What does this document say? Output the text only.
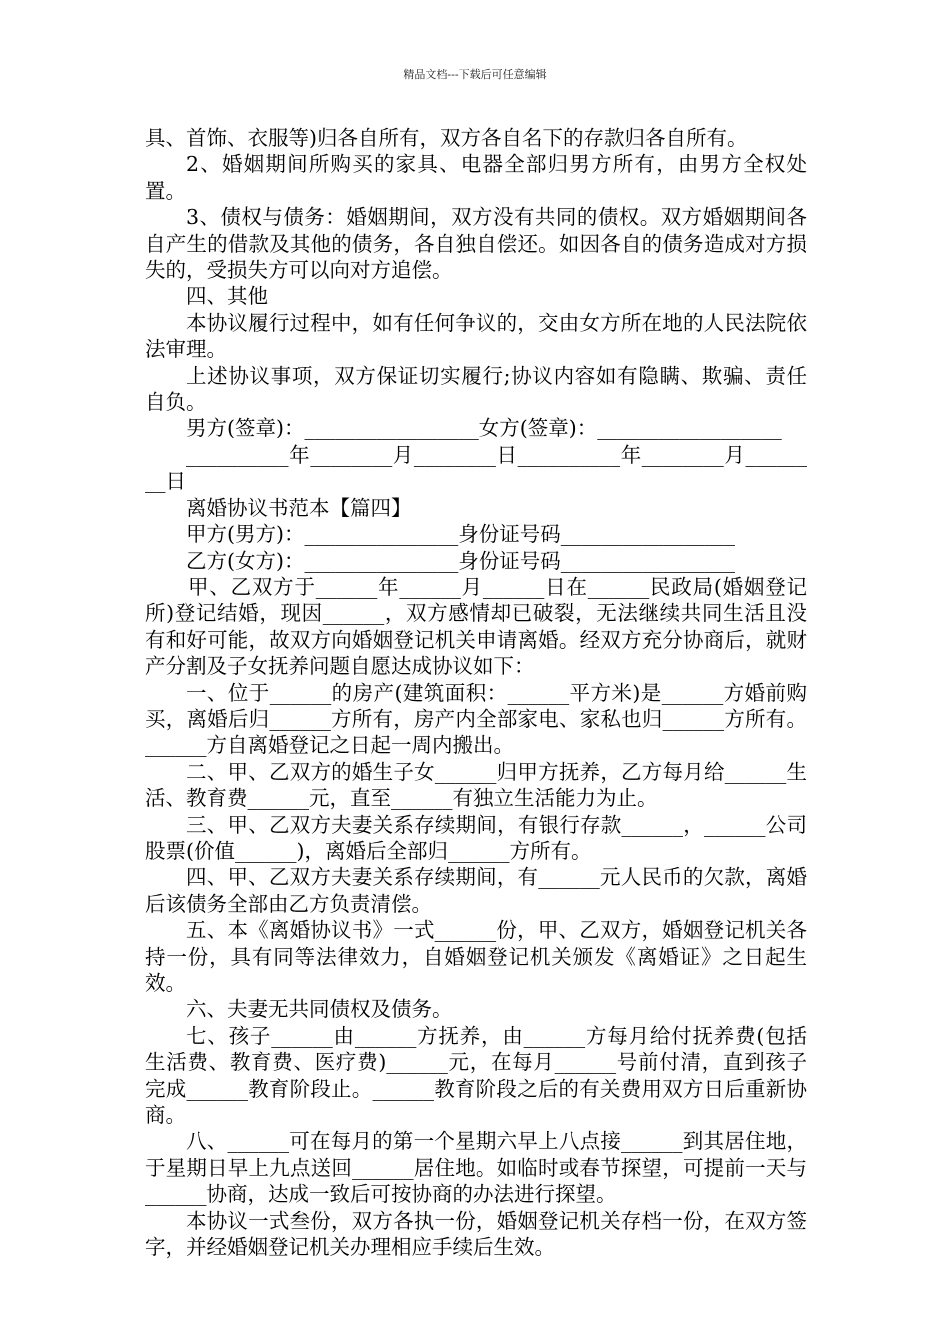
精品文档---下载后可任意编辑

具、首饰、衣服等)归各自所有，双方各自名下的存款归各自所有。

2、婚姻期间所购买的家具、电器全部归男方所有，由男方全权处置。

3、债权与债务：婚姻期间，双方没有共同的债权。双方婚姻期间各自产生的借款及其他的债务，各自独自偿还。如因各自的债务造成对方损失的，受损失方可以向对方追偿。

四、其他

本协议履行过程中，如有任何争议的，交由女方所在地的人民法院依法审理。

上述协议事项，双方保证切实履行;协议内容如有隐瞒、欺骗、责任自负。

男方(签章)：_________________女方(签章)：__________________

__________年________月________日__________年________月________日

离婚协议书范本【篇四】

甲方(男方)：_______________身份证号码_________________

乙方(女方)：_______________身份证号码_________________

甲、乙双方于______年______月______日在______民政局(婚姻登记所)登记结婚，现因______，双方感情却已破裂，无法继续共同生活且没有和好可能，故双方向婚姻登记机关申请离婚。经双方充分协商后，就财产分割及子女抚养问题自愿达成协议如下：

一、位于______的房产(建筑面积：______平方米)是______方婚前购买，离婚后归______方所有，房产内全部家电、家私也归______方所有。______方自离婚登记之日起一周内搬出。

二、甲、乙双方的婚生子女______归甲方抚养，乙方每月给______生活、教育费______元，直至______有独立生活能力为止。

三、甲、乙双方夫妻关系存续期间，有银行存款______，______公司股票(价值______)，离婚后全部归______方所有。

四、甲、乙双方夫妻关系存续期间，有______元人民币的欠款，离婚后该债务全部由乙方负责清偿。

五、本《离婚协议书》一式______份，甲、乙双方，婚姻登记机关各持一份，具有同等法律效力，自婚姻登记机关颁发《离婚证》之日起生效。

六、夫妻无共同债权及债务。

七、孩子______由______方抚养，由______方每月给付抚养费(包括生活费、教育费、医疗费)______元，在每月______号前付清，直到孩子完成______教育阶段止。______教育阶段之后的有关费用双方日后重新协商。

八、______可在每月的第一个星期六早上八点接______到其居住地，于星期日早上九点送回______居住地。如临时或春节探望，可提前一天与______协商，达成一致后可按协商的办法进行探望。

本协议一式叁份，双方各执一份，婚姻登记机关存档一份，在双方签字，并经婚姻登记机关办理相应手续后生效。
